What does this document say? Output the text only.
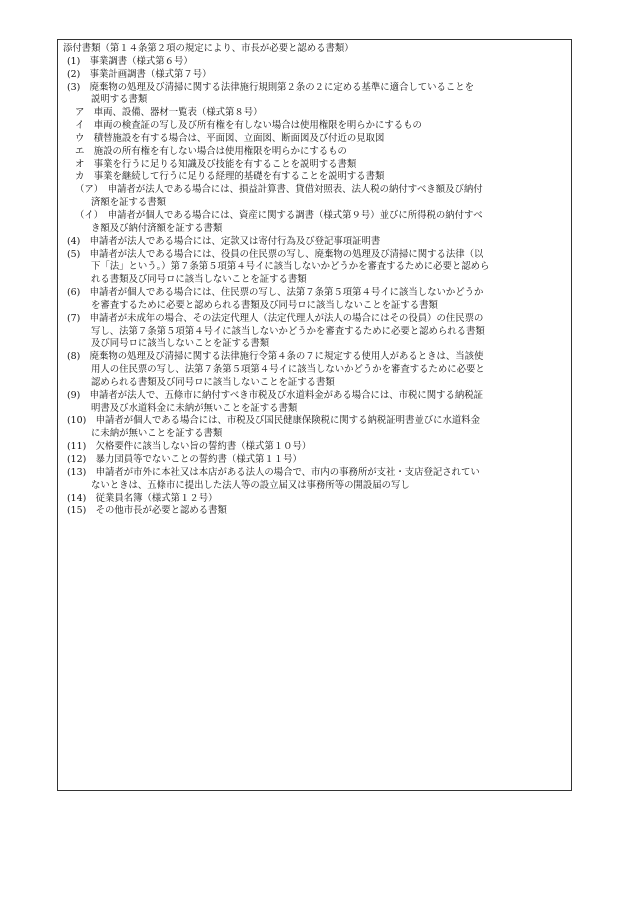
添付書類（第１４条第２項の規定により、市長が必要と認める書類）
(1)　事業調書（様式第６号）
(2)　事業計画調書（様式第７号）
(3)　廃棄物の処理及び清掃に関する法律施行規則第２条の２に定める基準に適合していることを
説明する書類
ア　車両、設備、器材一覧表（様式第８号）
イ　車両の検査証の写し及び所有権を有しない場合は使用権限を明らかにするもの
ウ　積替施設を有する場合は、平面図、立面図、断面図及び付近の見取図
エ　施設の所有権を有しない場合は使用権限を明らかにするもの
オ　事業を行うに足りる知識及び技能を有することを説明する書類
カ　事業を継続して行うに足りる経理的基礎を有することを説明する書類
（ア）　申請者が法人である場合には、損益計算書、貸借対照表、法人税の納付すべき額及び納付
済額を証する書類
（イ）　申請者が個人である場合には、資産に関する調書（様式第９号）並びに所得税の納付すべ
き額及び納付済額を証する書類
(4)　申請者が法人である場合には、定款又は寄付行為及び登記事項証明書
(5)　申請者が法人である場合には、役員の住民票の写し、廃棄物の処理及び清掃に関する法律（以
下「法」という。）第７条第５項第４号イに該当しないかどうかを審査するために必要と認めら
れる書類及び同号ロに該当しないことを証する書類
(6)　申請者が個人である場合には、住民票の写し、法第７条第５項第４号イに該当しないかどうか
を審査するために必要と認められる書類及び同号ロに該当しないことを証する書類
(7)　申請者が未成年の場合、その法定代理人（法定代理人が法人の場合にはその役員）の住民票の
写し、法第７条第５項第４号イに該当しないかどうかを審査するために必要と認められる書類
及び同号ロに該当しないことを証する書類
(8)　廃棄物の処理及び清掃に関する法律施行令第４条の７に規定する使用人があるときは、当該使
用人の住民票の写し、法第７条第５項第４号イに該当しないかどうかを審査するために必要と
認められる書類及び同号ロに該当しないことを証する書類
(9)　申請者が法人で、五條市に納付すべき市税及び水道料金がある場合には、市税に関する納税証
明書及び水道料金に未納が無いことを証する書類
(10)　申請者が個人である場合には、市税及び国民健康保険税に関する納税証明書並びに水道料金
に未納が無いことを証する書類
(11)　欠格要件に該当しない旨の誓約書（様式第１０号）
(12)　暴力団員等でないことの誓約書（様式第１１号）
(13)　申請者が市外に本社又は本店がある法人の場合で、市内の事務所が支社・支店登記されてい
ないときは、五條市に提出した法人等の設立届又は事務所等の開設届の写し
(14)　従業員名簿（様式第１２号）
(15)　その他市長が必要と認める書類
